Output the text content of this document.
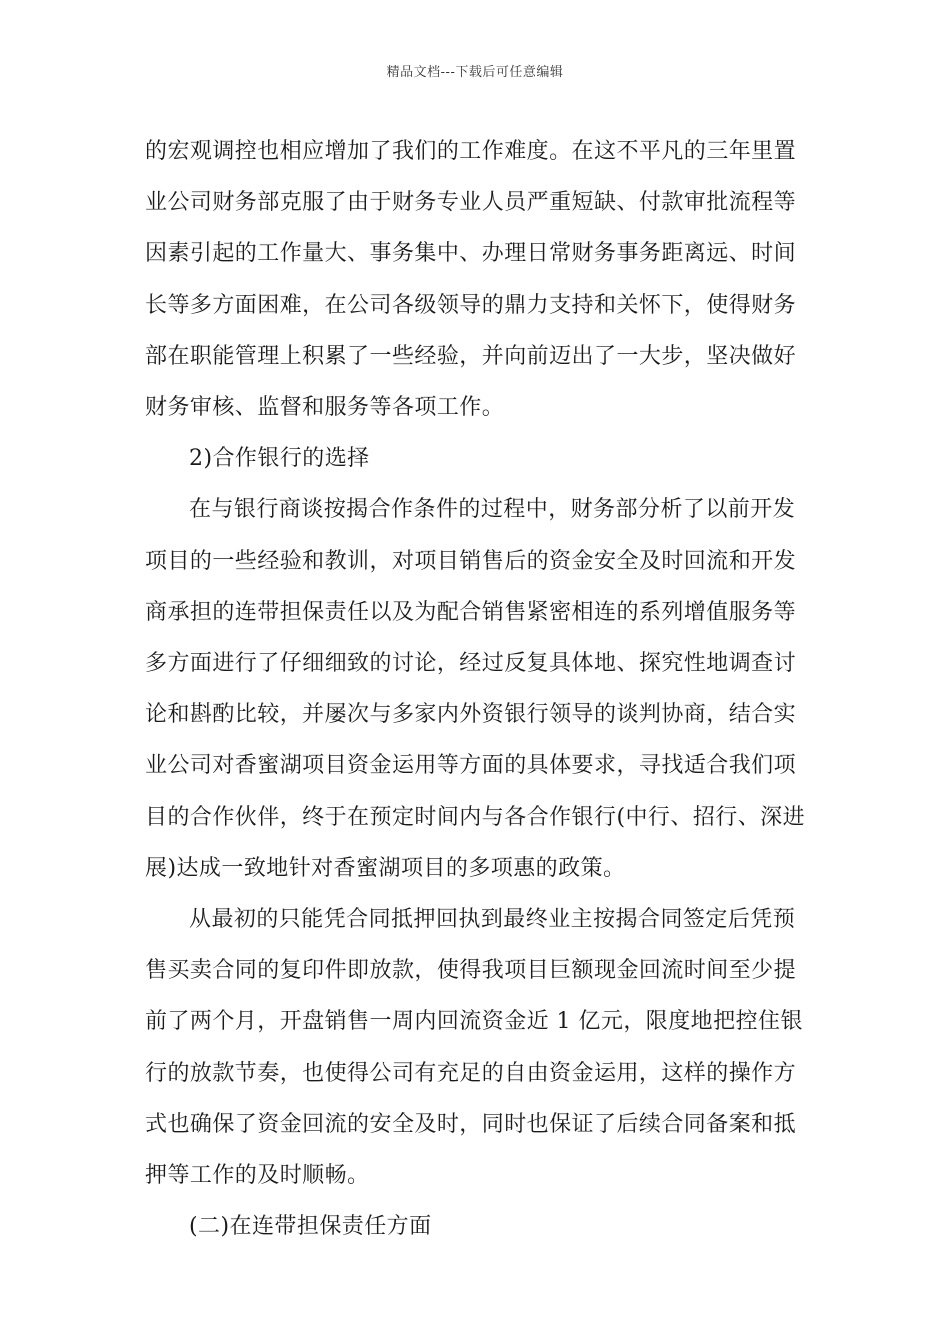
精品文档---下载后可任意编辑

的宏观调控也相应增加了我们的工作难度。在这不平凡的三年里置
业公司财务部克服了由于财务专业人员严重短缺、付款审批流程等
因素引起的工作量大、事务集中、办理日常财务事务距离远、时间
长等多方面困难，在公司各级领导的鼎力支持和关怀下，使得财务
部在职能管理上积累了一些经验，并向前迈出了一大步，坚决做好
财务审核、监督和服务等各项工作。

2)合作银行的选择

在与银行商谈按揭合作条件的过程中，财务部分析了以前开发
项目的一些经验和教训，对项目销售后的资金安全及时回流和开发
商承担的连带担保责任以及为配合销售紧密相连的系列增值服务等
多方面进行了仔细细致的讨论，经过反复具体地、探究性地调查讨
论和斟酌比较，并屡次与多家内外资银行领导的谈判协商，结合实
业公司对香蜜湖项目资金运用等方面的具体要求，寻找适合我们项
目的合作伙伴，终于在预定时间内与各合作银行(中行、招行、深进
展)达成一致地针对香蜜湖项目的多项惠的政策。

从最初的只能凭合同抵押回执到最终业主按揭合同签定后凭预
售买卖合同的复印件即放款，使得我项目巨额现金回流时间至少提
前了两个月，开盘销售一周内回流资金近 1 亿元，限度地把控住银
行的放款节奏，也使得公司有充足的自由资金运用，这样的操作方
式也确保了资金回流的安全及时，同时也保证了后续合同备案和抵
押等工作的及时顺畅。

(二)在连带担保责任方面
